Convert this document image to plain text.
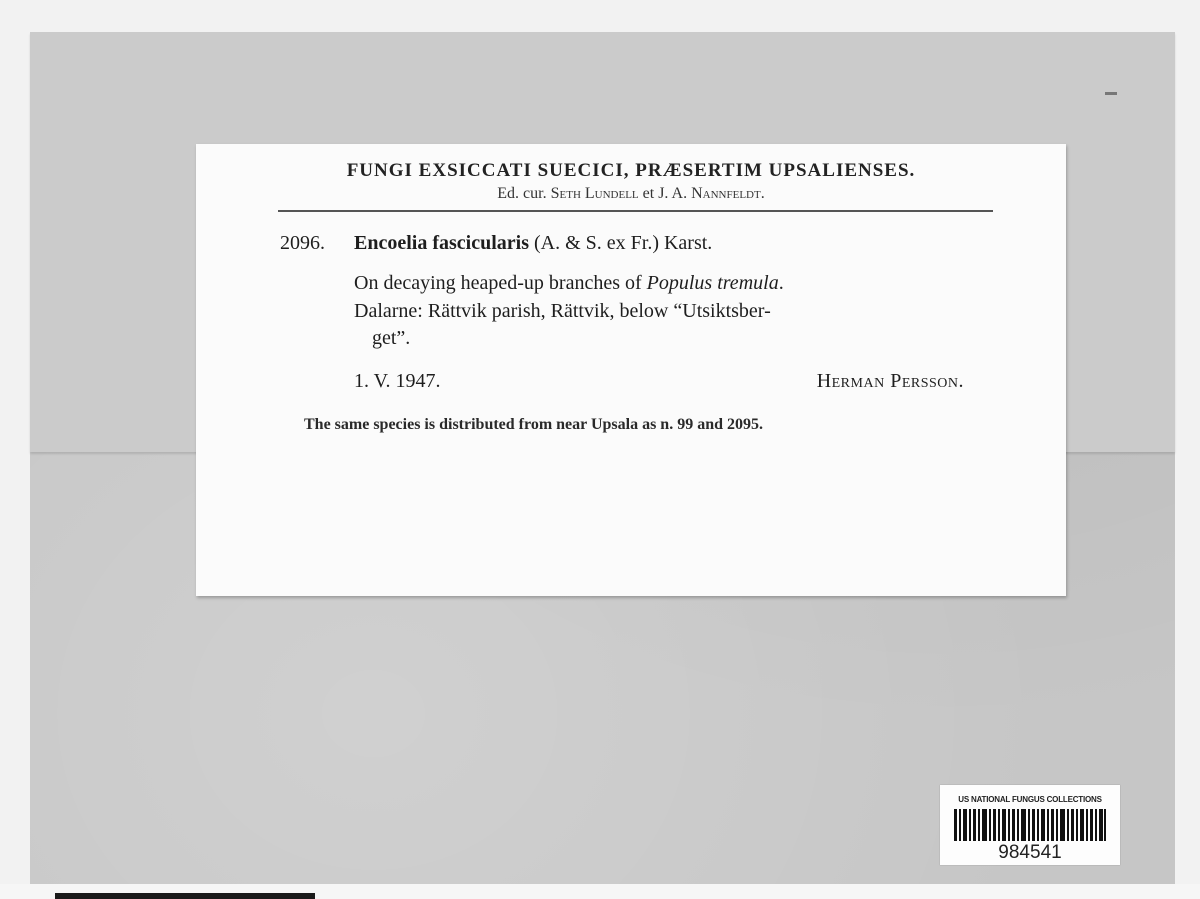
FUNGI EXSICCATI SUECICI, PRÆSERTIM UPSALIENSES.
Ed. cur. Seth Lundell et J. A. Nannfeldt.
2096. Encoelia fascicularis (A. & S. ex Fr.) Karst.
On decaying heaped-up branches of Populus tremula.
Dalarne: Rättvik parish, Rättvik, below “Utsiktsber-
get”.
1. V. 1947.	Herman Persson.
The same species is distributed from near Upsala as n. 99 and 2095.
US NATIONAL FUNGUS COLLECTIONS
984541
